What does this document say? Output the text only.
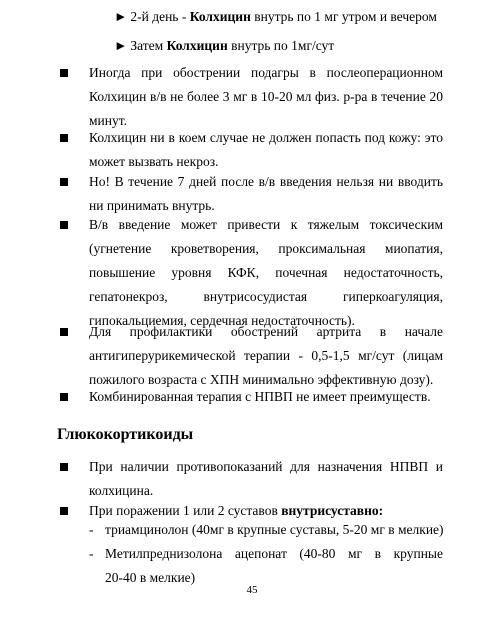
► 2-й день - Колхицин внутрь по 1 мг утром и вечером
► Затем Колхицин внутрь по 1мг/сут
Иногда при обострении подагры в послеоперационном
Колхицин в/в не более 3 мг в 10-20 мл физ. р-ра в течение 20
минут.
Колхицин ни в коем случае не должен попасть под кожу: это
может вызвать некроз.
Но! В течение 7 дней после в/в введения нельзя ни вводить
ни принимать внутрь.
В/в введение может привести к тяжелым токсическим
(угнетение кроветворения, проксимальная миопатия,
повышение уровня КФК, почечная недостаточность,
гепатонекроз, внутрисосудистая гиперкоагуляция,
гипокальциемия, сердечная недостаточность).
Для профилактики обострений артрита в начале
антигиперурикемической терапии - 0,5-1,5 мг/сут (лицам
пожилого возраста с ХПН минимально эффективную дозу).
Комбинированная терапия с НПВП не имеет преимуществ.
Глюкокортикоиды
При наличии противопоказаний для назначения НПВП и
колхицина.
При поражении 1 или 2 суставов внутрисуставно:
- триамцинолон (40мг в крупные суставы, 5-20 мг в мелкие)
- Метилпреднизолона ацепонат (40-80 мг в крупные
20-40 в мелкие)
45
